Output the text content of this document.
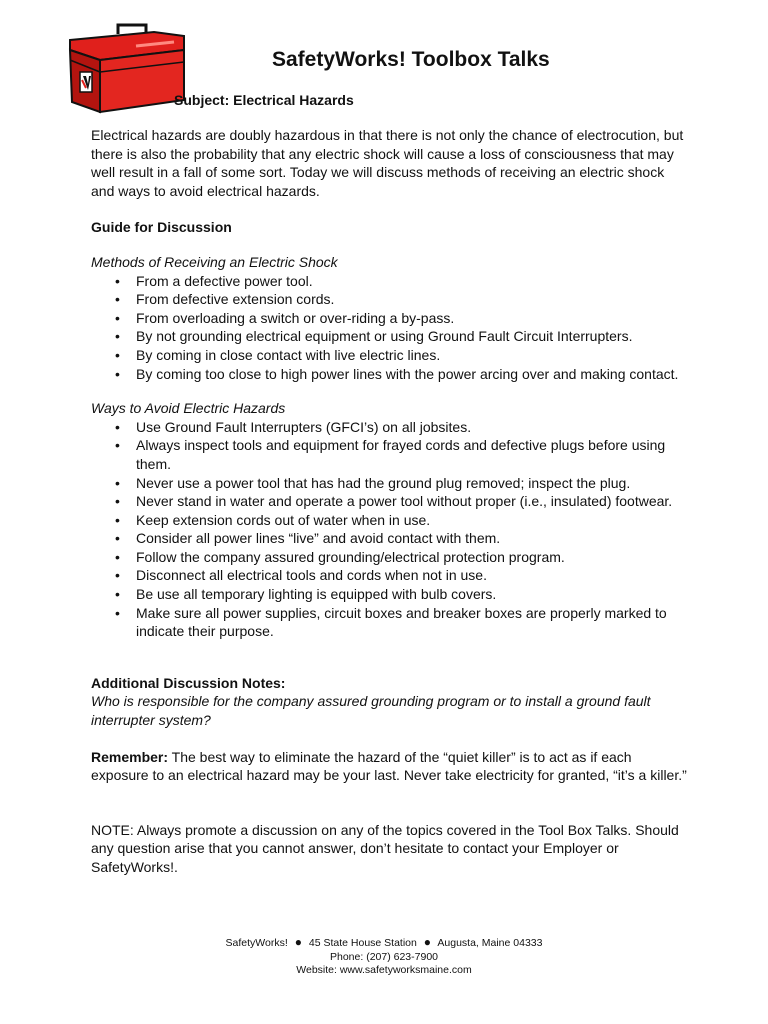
SafetyWorks! Toolbox Talks
Subject: Electrical Hazards

Electrical hazards are doubly hazardous in that there is not only the chance of electrocution, but there is also the probability that any electric shock will cause a loss of consciousness that may well result in a fall of some sort. Today we will discuss methods of receiving an electric shock and ways to avoid electrical hazards.

Guide for Discussion

Methods of Receiving an Electric Shock

• From a defective power tool.
• From defective extension cords.
• From overloading a switch or over-riding a by-pass.
• By not grounding electrical equipment or using Ground Fault Circuit Interrupters.
• By coming in close contact with live electric lines.
• By coming too close to high power lines with the power arcing over and making contact.

Ways to Avoid Electric Hazards

• Use Ground Fault Interrupters (GFCI’s) on all jobsites.
• Always inspect tools and equipment for frayed cords and defective plugs before using them.
• Never use a power tool that has had the ground plug removed; inspect the plug.
• Never stand in water and operate a power tool without proper (i.e., insulated) footwear.
• Keep extension cords out of water when in use.
• Consider all power lines “live” and avoid contact with them.
• Follow the company assured grounding/electrical protection program.
• Disconnect all electrical tools and cords when not in use.
• Be use all temporary lighting is equipped with bulb covers.
• Make sure all power supplies, circuit boxes and breaker boxes are properly marked to indicate their purpose.

Additional Discussion Notes:

Who is responsible for the company assured grounding program or to install a ground fault interrupter system?

Remember: The best way to eliminate the hazard of the “quiet killer” is to act as if each exposure to an electrical hazard may be your last. Never take electricity for granted, “it’s a killer.”

NOTE: Always promote a discussion on any of the topics covered in the Tool Box Talks. Should any question arise that you cannot answer, don’t hesitate to contact your Employer or SafetyWorks!.

SafetyWorks! ● 45 State House Station ● Augusta, Maine 04333
Phone: (207) 623-7900
Website: www.safetyworksmaine.com
